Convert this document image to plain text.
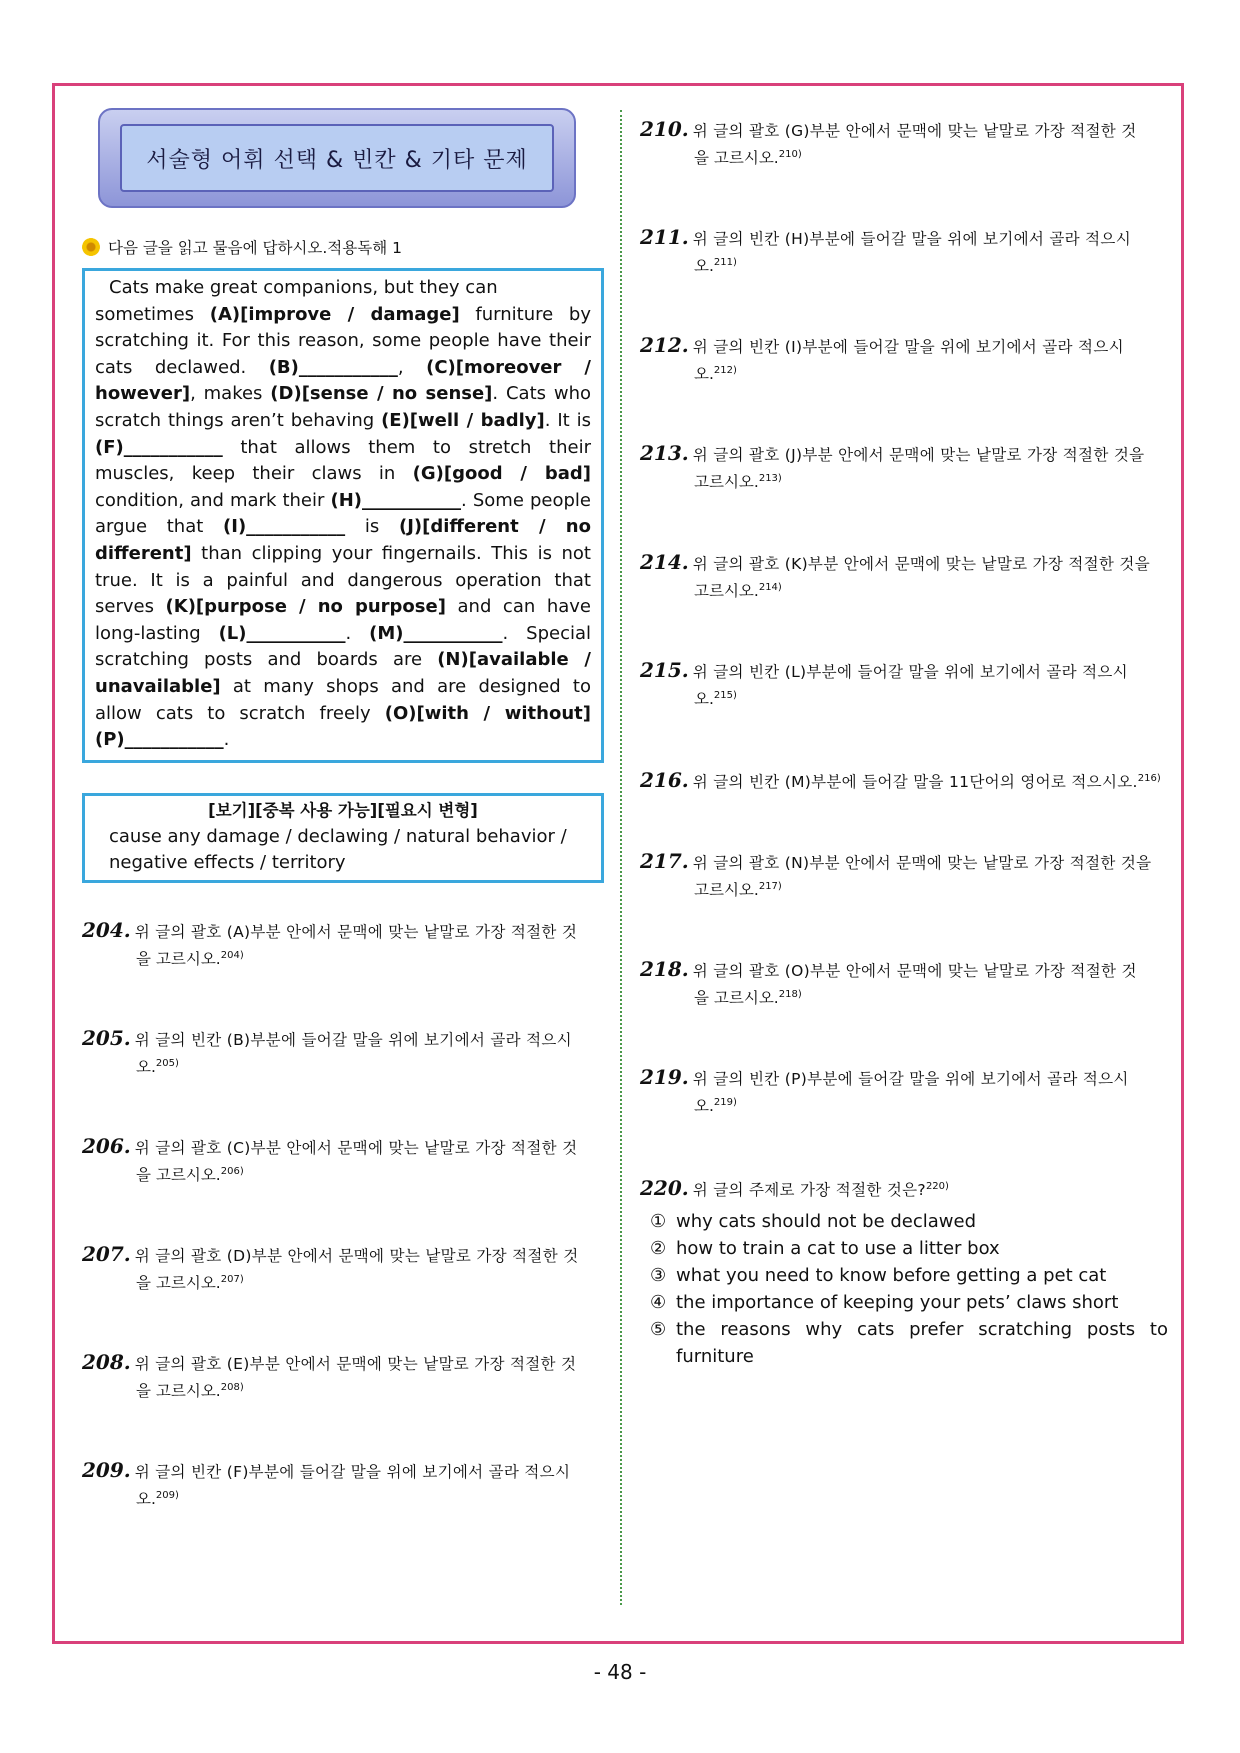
서술형 어휘 선택 & 빈칸 & 기타 문제
다음 글을 읽고 물음에 답하시오.적용독해 1
Cats make great companions, but they can
sometimes (A)[improve / damage] furniture by scratching it. For this reason, some people have their cats declawed. (B)___________, (C)[moreover / however], makes (D)[sense / no sense]. Cats who scratch things aren’t behaving (E)[well / badly]. It is (F)___________ that allows them to stretch their muscles, keep their claws in (G)[good / bad] condition, and mark their (H)___________. Some people argue that (I)___________ is (J)[different / no different] than clipping your fingernails. This is not true. It is a painful and dangerous operation that serves (K)[purpose / no purpose] and can have long-lasting (L)___________. (M)___________. Special scratching posts and boards are (N)[available / unavailable] at many shops and are designed to allow cats to scratch freely (O)[with / without] (P)___________.
[보기][중복 사용 가능][필요시 변형]
cause any damage / declawing / natural behavior / negative effects / territory
204. 위 글의 괄호 (A)부분 안에서 문맥에 맞는 낱말로 가장 적절한 것
을 고르시오.$^{204)}$
205. 위 글의 빈칸 (B)부분에 들어갈 말을 위에 보기에서 골라 적으시
오.$^{205)}$
206. 위 글의 괄호 (C)부분 안에서 문맥에 맞는 낱말로 가장 적절한 것
을 고르시오.$^{206)}$
207. 위 글의 괄호 (D)부분 안에서 문맥에 맞는 낱말로 가장 적절한 것
을 고르시오.$^{207)}$
208. 위 글의 괄호 (E)부분 안에서 문맥에 맞는 낱말로 가장 적절한 것
을 고르시오.$^{208)}$
209. 위 글의 빈칸 (F)부분에 들어갈 말을 위에 보기에서 골라 적으시
오.$^{209)}$
210. 위 글의 괄호 (G)부분 안에서 문맥에 맞는 낱말로 가장 적절한 것
을 고르시오.$^{210)}$
211. 위 글의 빈칸 (H)부분에 들어갈 말을 위에 보기에서 골라 적으시
오.$^{211)}$
212. 위 글의 빈칸 (I)부분에 들어갈 말을 위에 보기에서 골라 적으시
오.$^{212)}$
213. 위 글의 괄호 (J)부분 안에서 문맥에 맞는 낱말로 가장 적절한 것을
고르시오.$^{213)}$
214. 위 글의 괄호 (K)부분 안에서 문맥에 맞는 낱말로 가장 적절한 것을
고르시오.$^{214)}$
215. 위 글의 빈칸 (L)부분에 들어갈 말을 위에 보기에서 골라 적으시
오.$^{215)}$
216. 위 글의 빈칸 (M)부분에 들어갈 말을 11단어의 영어로 적으시오.$^{216)}$
217. 위 글의 괄호 (N)부분 안에서 문맥에 맞는 낱말로 가장 적절한 것을
고르시오.$^{217)}$
218. 위 글의 괄호 (O)부분 안에서 문맥에 맞는 낱말로 가장 적절한 것
을 고르시오.$^{218)}$
219. 위 글의 빈칸 (P)부분에 들어갈 말을 위에 보기에서 골라 적으시
오.$^{219)}$
220. 위 글의 주제로 가장 적절한 것은?$^{220)}$
① why cats should not be declawed
② how to train a cat to use a litter box
③ what you need to know before getting a pet cat
④ the importance of keeping your pets’ claws short
⑤ the reasons why cats prefer scratching posts to furniture
- 48 -
